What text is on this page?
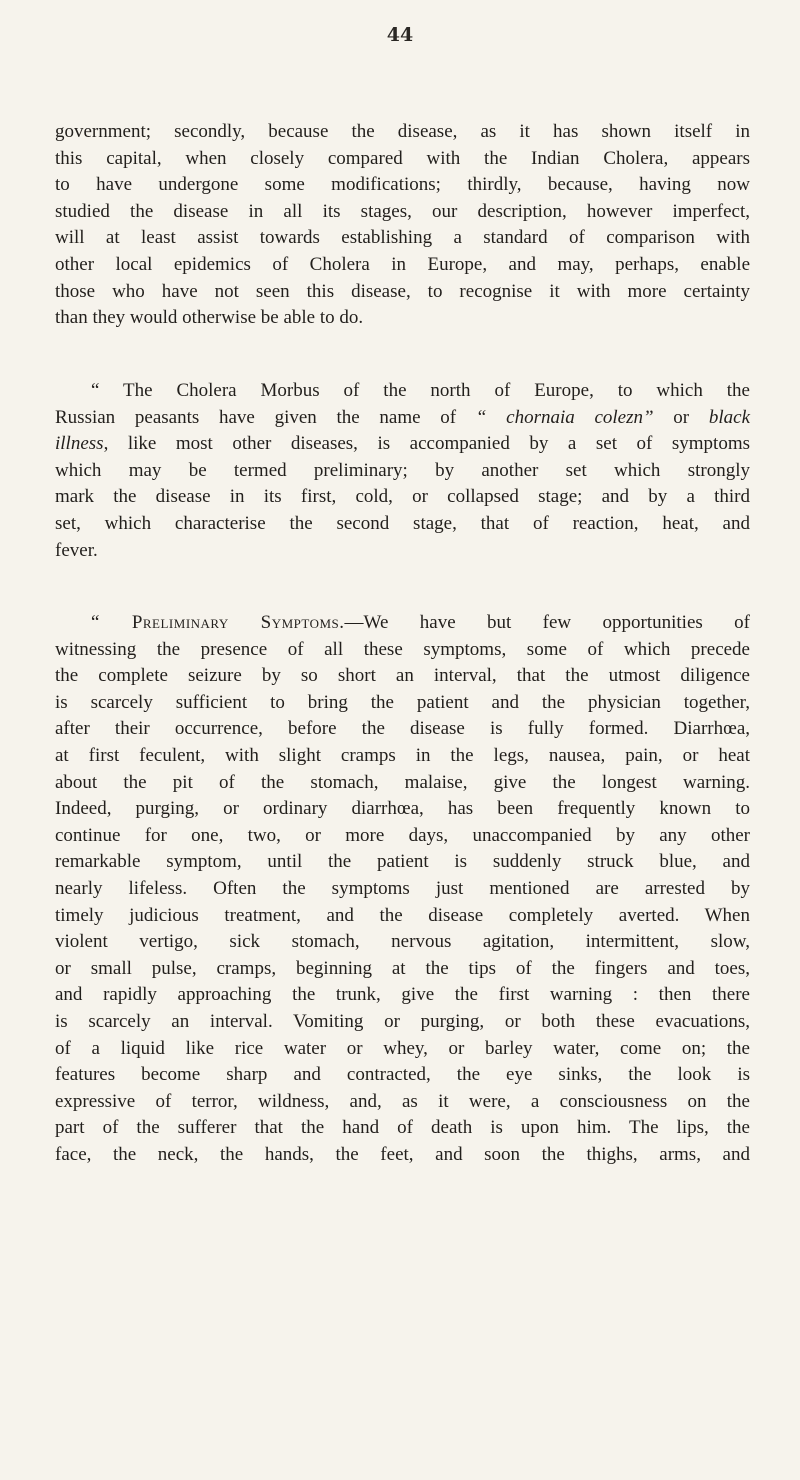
44
government; secondly, because the disease, as it has shown itself in
this capital, when closely compared with the Indian Cholera, appears
to have undergone some modifications; thirdly, because, having now
studied the disease in all its stages, our description, however imperfect,
will at least assist towards establishing a standard of comparison with
other local epidemics of Cholera in Europe, and may, perhaps, enable
those who have not seen this disease, to recognise it with more certainty
than they would otherwise be able to do.
“ The Cholera Morbus of the north of Europe, to which the
Russian peasants have given the name of “ chornaia colezn” or black
illness, like most other diseases, is accompanied by a set of symptoms
which may be termed preliminary; by another set which strongly
mark the disease in its first, cold, or collapsed stage; and by a third
set, which characterise the second stage, that of reaction, heat, and
fever.
“ Preliminary Symptoms.—We have but few opportunities of
witnessing the presence of all these symptoms, some of which precede
the complete seizure by so short an interval, that the utmost diligence
is scarcely sufficient to bring the patient and the physician together,
after their occurrence, before the disease is fully formed. Diarrhœa,
at first feculent, with slight cramps in the legs, nausea, pain, or heat
about the pit of the stomach, malaise, give the longest warning.
Indeed, purging, or ordinary diarrhœa, has been frequently known to
continue for one, two, or more days, unaccompanied by any other
remarkable symptom, until the patient is suddenly struck blue, and
nearly lifeless. Often the symptoms just mentioned are arrested by
timely judicious treatment, and the disease completely averted. When
violent vertigo, sick stomach, nervous agitation, intermittent, slow,
or small pulse, cramps, beginning at the tips of the fingers and toes,
and rapidly approaching the trunk, give the first warning : then there
is scarcely an interval. Vomiting or purging, or both these evacuations,
of a liquid like rice water or whey, or barley water, come on; the
features become sharp and contracted, the eye sinks, the look is
expressive of terror, wildness, and, as it were, a consciousness on the
part of the sufferer that the hand of death is upon him. The lips, the
face, the neck, the hands, the feet, and soon the thighs, arms, and
